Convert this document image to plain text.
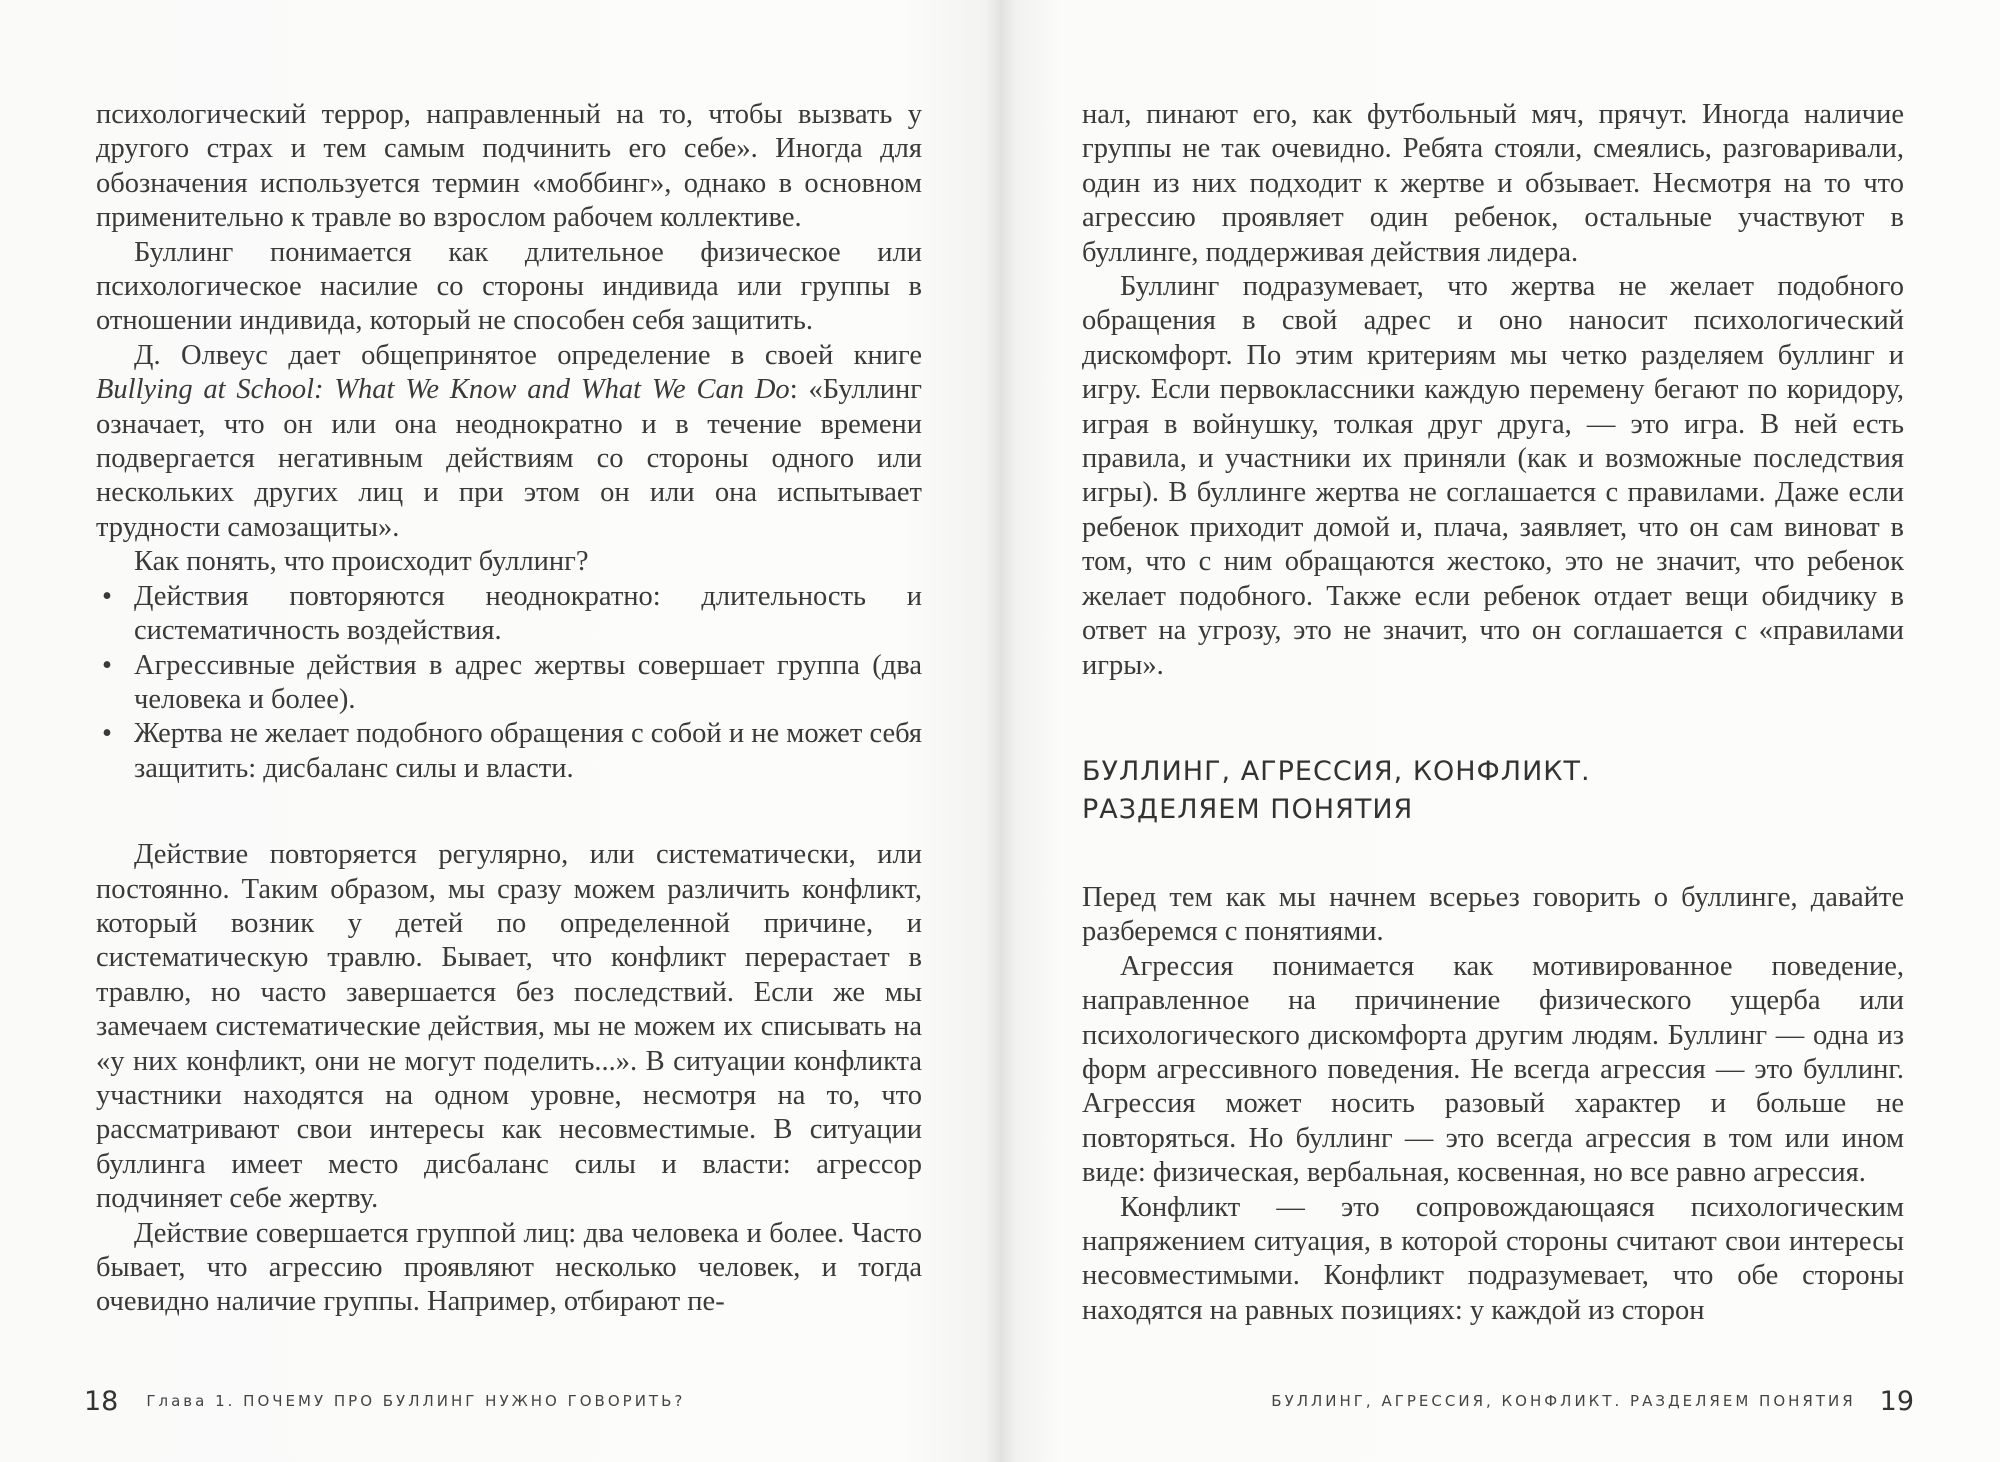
психологический террор, направленный на то, чтобы вызвать у другого страх и тем самым подчинить его себе». Иногда для обозначения используется термин «моббинг», однако в основном применительно к травле во взрослом рабочем коллективе.

Буллинг понимается как длительное физическое или психологическое насилие со стороны индивида или группы в отношении индивида, который не способен себя защитить.

Д. Олвеус дает общепринятое определение в своей книге Bullying at School: What We Know and What We Can Do: «Буллинг означает, что он или она неоднократно и в течение времени подвергается негативным действиям со стороны одного или нескольких других лиц и при этом он или она испытывает трудности самозащиты».

Как понять, что происходит буллинг?

• Действия повторяются неоднократно: длительность и систематичность воздействия.
• Агрессивные действия в адрес жертвы совершает группа (два человека и более).
• Жертва не желает подобного обращения с собой и не может себя защитить: дисбаланс силы и власти.

Действие повторяется регулярно, или систематически, или постоянно. Таким образом, мы сразу можем различить конфликт, который возник у детей по определенной причине, и систематическую травлю. Бывает, что конфликт перерастает в травлю, но часто завершается без последствий. Если же мы замечаем систематические действия, мы не можем их списывать на «у них конфликт, они не могут поделить...». В ситуации конфликта участники находятся на одном уровне, несмотря на то, что рассматривают свои интересы как несовместимые. В ситуации буллинга имеет место дисбаланс силы и власти: агрессор подчиняет себе жертву.

Действие совершается группой лиц: два человека и более. Часто бывает, что агрессию проявляют несколько человек, и тогда очевидно наличие группы. Например, отбирают пе-

18 Глава 1. ПОЧЕМУ ПРО БУЛЛИНГ НУЖНО ГОВОРИТЬ?

нал, пинают его, как футбольный мяч, прячут. Иногда наличие группы не так очевидно. Ребята стояли, смеялись, разговаривали, один из них подходит к жертве и обзывает. Несмотря на то что агрессию проявляет один ребенок, остальные участвуют в буллинге, поддерживая действия лидера.

Буллинг подразумевает, что жертва не желает подобного обращения в свой адрес и оно наносит психологический дискомфорт. По этим критериям мы четко разделяем буллинг и игру. Если первоклассники каждую перемену бегают по коридору, играя в войнушку, толкая друг друга, — это игра. В ней есть правила, и участники их приняли (как и возможные последствия игры). В буллинге жертва не соглашается с правилами. Даже если ребенок приходит домой и, плача, заявляет, что он сам виноват в том, что с ним обращаются жестоко, это не значит, что ребенок желает подобного. Также если ребенок отдает вещи обидчику в ответ на угрозу, это не значит, что он соглашается с «правилами игры».

БУЛЛИНГ, АГРЕССИЯ, КОНФЛИКТ.
РАЗДЕЛЯЕМ ПОНЯТИЯ

Перед тем как мы начнем всерьез говорить о буллинге, давайте разберемся с понятиями.

Агрессия понимается как мотивированное поведение, направленное на причинение физического ущерба или психологического дискомфорта другим людям. Буллинг — одна из форм агрессивного поведения. Не всегда агрессия — это буллинг. Агрессия может носить разовый характер и больше не повторяться. Но буллинг — это всегда агрессия в том или ином виде: физическая, вербальная, косвенная, но все равно агрессия.

Конфликт — это сопровождающаяся психологическим напряжением ситуация, в которой стороны считают свои интересы несовместимыми. Конфликт подразумевает, что обе стороны находятся на равных позициях: у каждой из сторон

БУЛЛИНГ, АГРЕССИЯ, КОНФЛИКТ. РАЗДЕЛЯЕМ ПОНЯТИЯ 19
